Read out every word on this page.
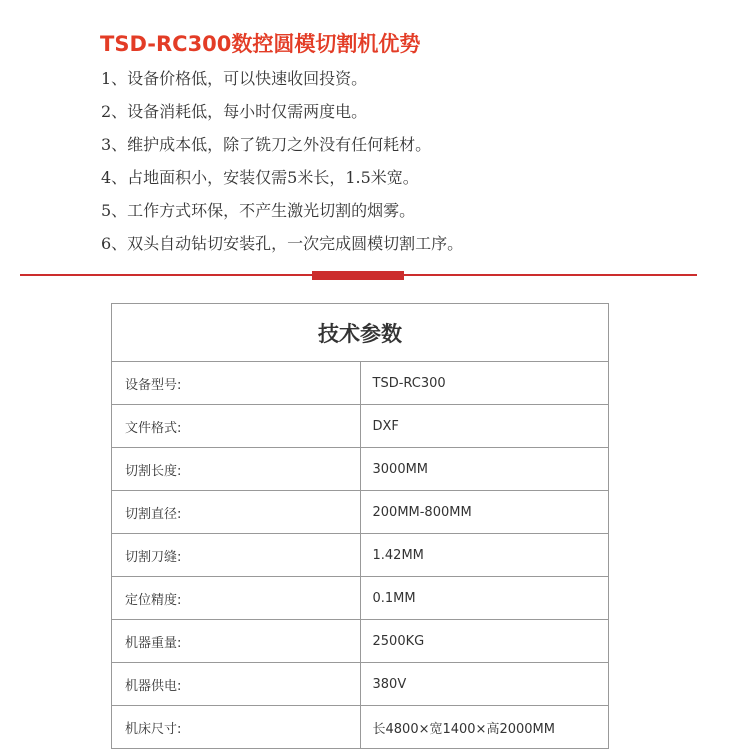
TSD-RC300数控圆模切割机优势
1、设备价格低，可以快速收回投资。
2、设备消耗低，每小时仅需两度电。
3、维护成本低，除了铣刀之外没有任何耗材。
4、占地面积小，安装仅需5米长，1.5米宽。
5、工作方式环保，不产生激光切割的烟雾。
6、双头自动钻切安装孔，一次完成圆模切割工序。
技术参数	
设备型号:	TSD-RC300
文件格式:	DXF
切割长度:	3000MM
切割直径:	200MM-800MM
切割刀缝:	1.42MM
定位精度:	0.1MM
机器重量:	2500KG
机器供电:	380V
机床尺寸:	长4800×宽1400×高2000MM
